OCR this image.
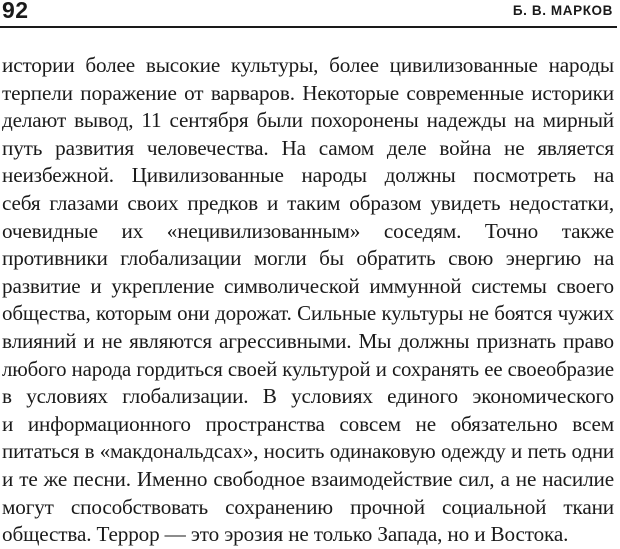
92	Б. В. МАРКОВ
истории более высокие культуры, более цивилизованные народы
терпели поражение от варваров. Некоторые современные историки
делают вывод, 11 сентября были похоронены надежды на мирный
путь развития человечества. На самом деле война не является
неизбежной. Цивилизованные народы должны посмотреть на
себя глазами своих предков и таким образом увидеть недостатки,
очевидные их «нецивилизованным» соседям. Точно также
противники глобализации могли бы обратить свою энергию на
развитие и укрепление символической иммунной системы своего
общества, которым они дорожат. Сильные культуры не боятся чужих
влияний и не являются агрессивными. Мы должны признать право
любого народа гордиться своей культурой и сохранять ее своеобразие
в условиях глобализации. В условиях единого экономического
и информационного пространства совсем не обязательно всем
питаться в «макдональдсах», носить одинаковую одежду и петь одни
и те же песни. Именно свободное взаимодействие сил, а не насилие
могут способствовать сохранению прочной социальной ткани
общества. Террор — это эрозия не только Запада, но и Востока.
